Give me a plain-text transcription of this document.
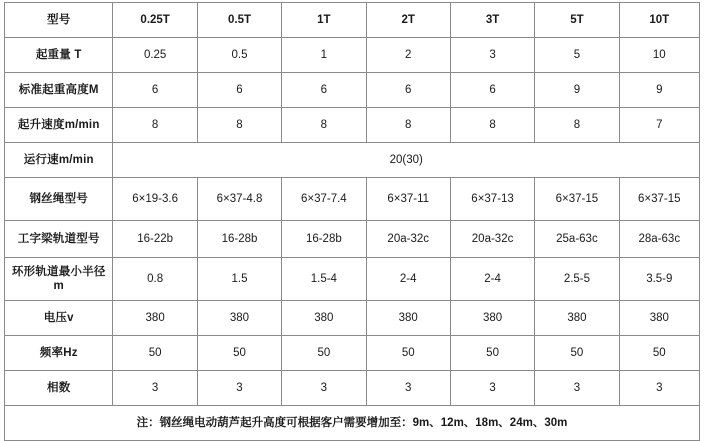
型号	0.25T	0.5T	1T	2T	3T	5T	10T
起重量 T	0.25	0.5	1	2	3	5	10
标准起重高度M	6	6	6	6	6	9	9
起升速度m/min	8	8	8	8	8	8	7
运行速m/min	20(30)						
钢丝绳型号	6×19-3.6	6×37-4.8	6×37-7.4	6×37-11	6×37-13	6×37-15	6×37-15
工字梁轨道型号	16-22b	16-28b	16-28b	20a-32c	20a-32c	25a-63c	28a-63c
环形轨道最小半径m	0.8	1.5	1.5-4	2-4	2-4	2.5-5	3.5-9
电压v	380	380	380	380	380	380	380
频率Hz	50	50	50	50	50	50	50
相数	3	3	3	3	3	3	3
注：钢丝绳电动葫芦起升高度可根据客户需要增加至：9m、12m、18m、24m、30m							
